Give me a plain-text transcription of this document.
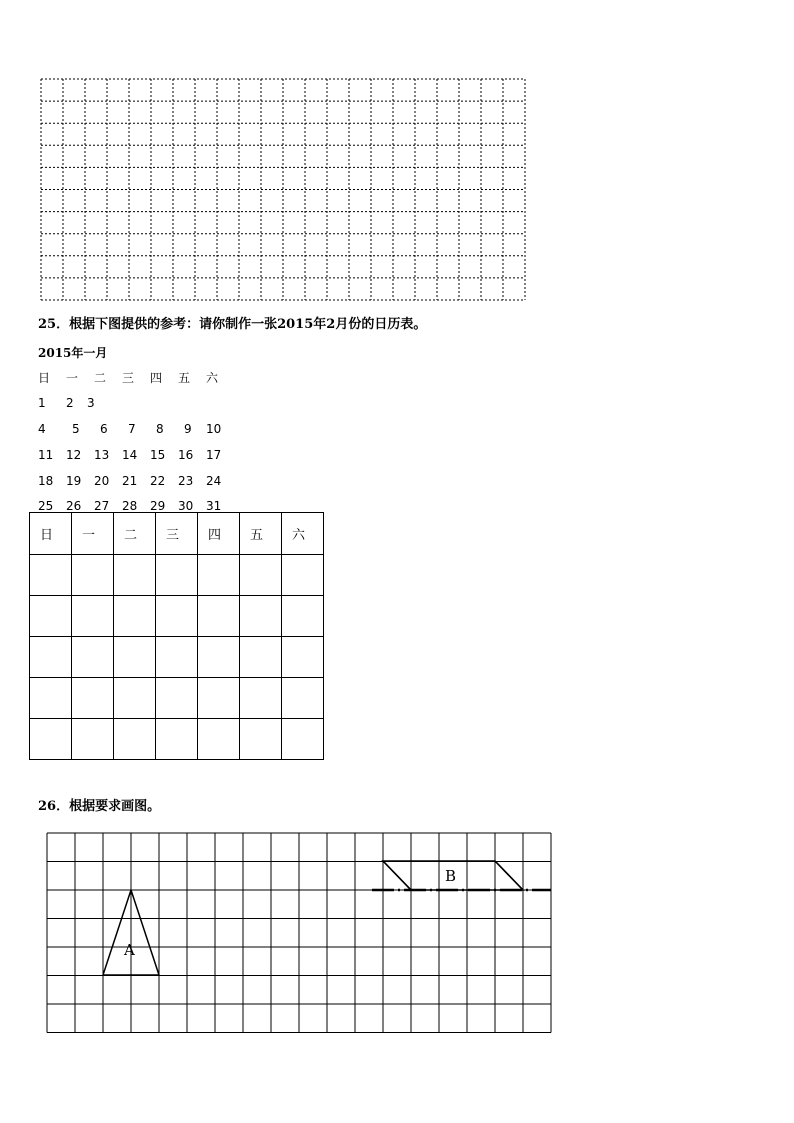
25．根据下图提供的参考：请你制作一张2015年2月份的日历表。
2015年一月
日 一 二 三 四 五 六
1 2 3
4 5 6 7 8 9 10
11 12 13 14 15 16 17
18 19 20 21 22 23 24
25 26 27 28 29 30 31
日	一	二	三	四	五	六

26．根据要求画图。
A
B
